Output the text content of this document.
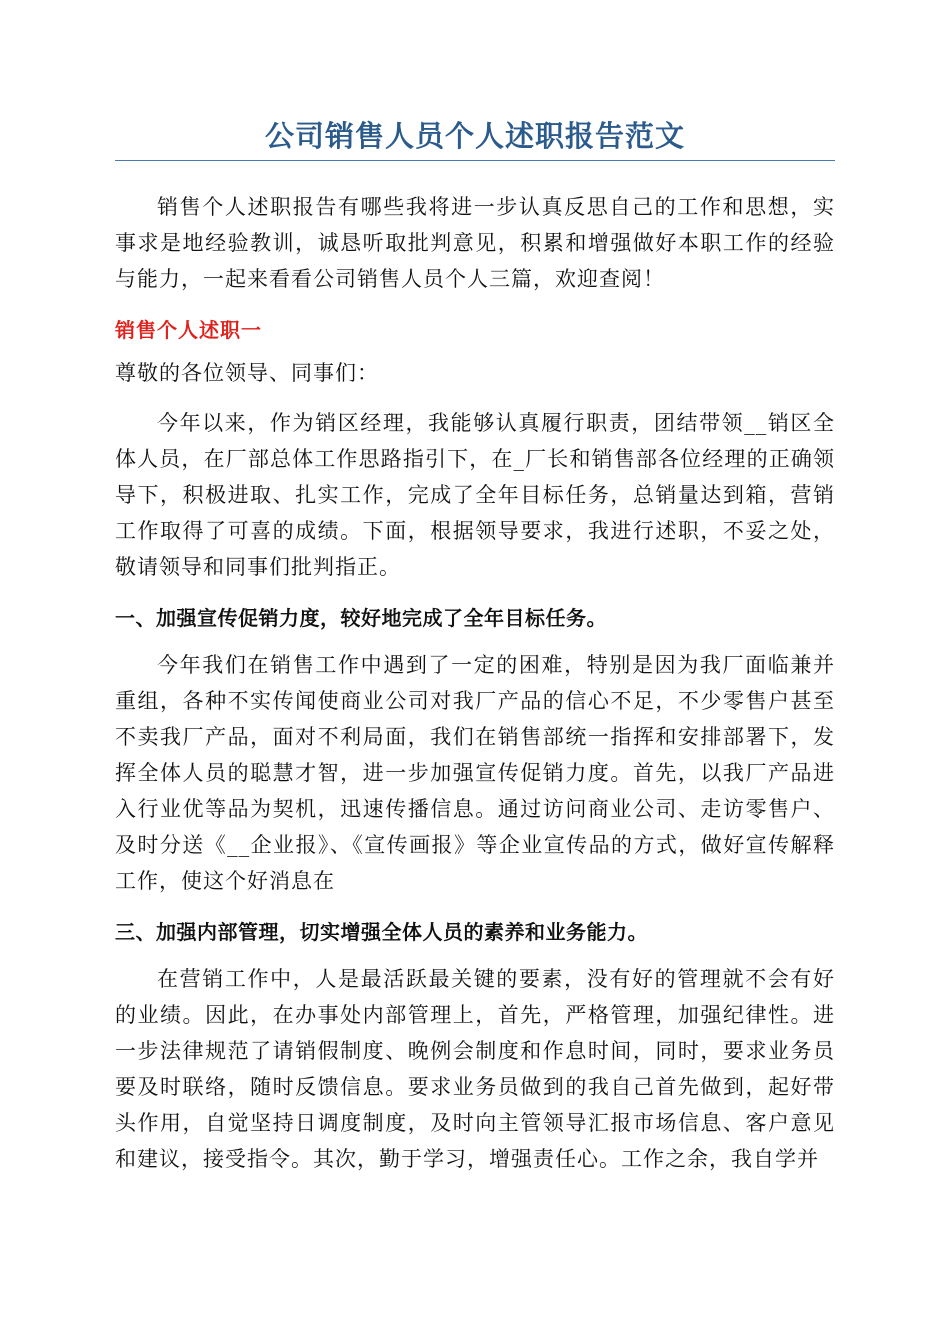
公司销售人员个人述职报告范文

销售个人述职报告有哪些我将进一步认真反思自己的工作和思想，实事求是地经验教训，诚恳听取批判意见，积累和增强做好本职工作的经验与能力，一起来看看公司销售人员个人三篇，欢迎查阅！

销售个人述职一

尊敬的各位领导、同事们：

今年以来，作为销区经理，我能够认真履行职责，团结带领__销区全体人员，在厂部总体工作思路指引下，在_厂长和销售部各位经理的正确领导下，积极进取、扎实工作，完成了全年目标任务，总销量达到箱，营销工作取得了可喜的成绩。下面，根据领导要求，我进行述职，不妥之处，敬请领导和同事们批判指正。

一、加强宣传促销力度，较好地完成了全年目标任务。

今年我们在销售工作中遇到了一定的困难，特别是因为我厂面临兼并重组，各种不实传闻使商业公司对我厂产品的信心不足，不少零售户甚至不卖我厂产品，面对不利局面，我们在销售部统一指挥和安排部署下，发挥全体人员的聪慧才智，进一步加强宣传促销力度。首先，以我厂产品进入行业优等品为契机，迅速传播信息。通过访问商业公司、走访零售户、及时分送《__企业报》、《宣传画报》等企业宣传品的方式，做好宣传解释工作，使这个好消息在

三、加强内部管理，切实增强全体人员的素养和业务能力。

在营销工作中，人是最活跃最关键的要素，没有好的管理就不会有好的业绩。因此，在办事处内部管理上，首先，严格管理，加强纪律性。进一步法律规范了请销假制度、晚例会制度和作息时间，同时，要求业务员要及时联络，随时反馈信息。要求业务员做到的我自己首先做到，起好带头作用，自觉坚持日调度制度，及时向主管领导汇报市场信息、客户意见和建议，接受指令。其次，勤于学习，增强责任心。工作之余，我自学并
